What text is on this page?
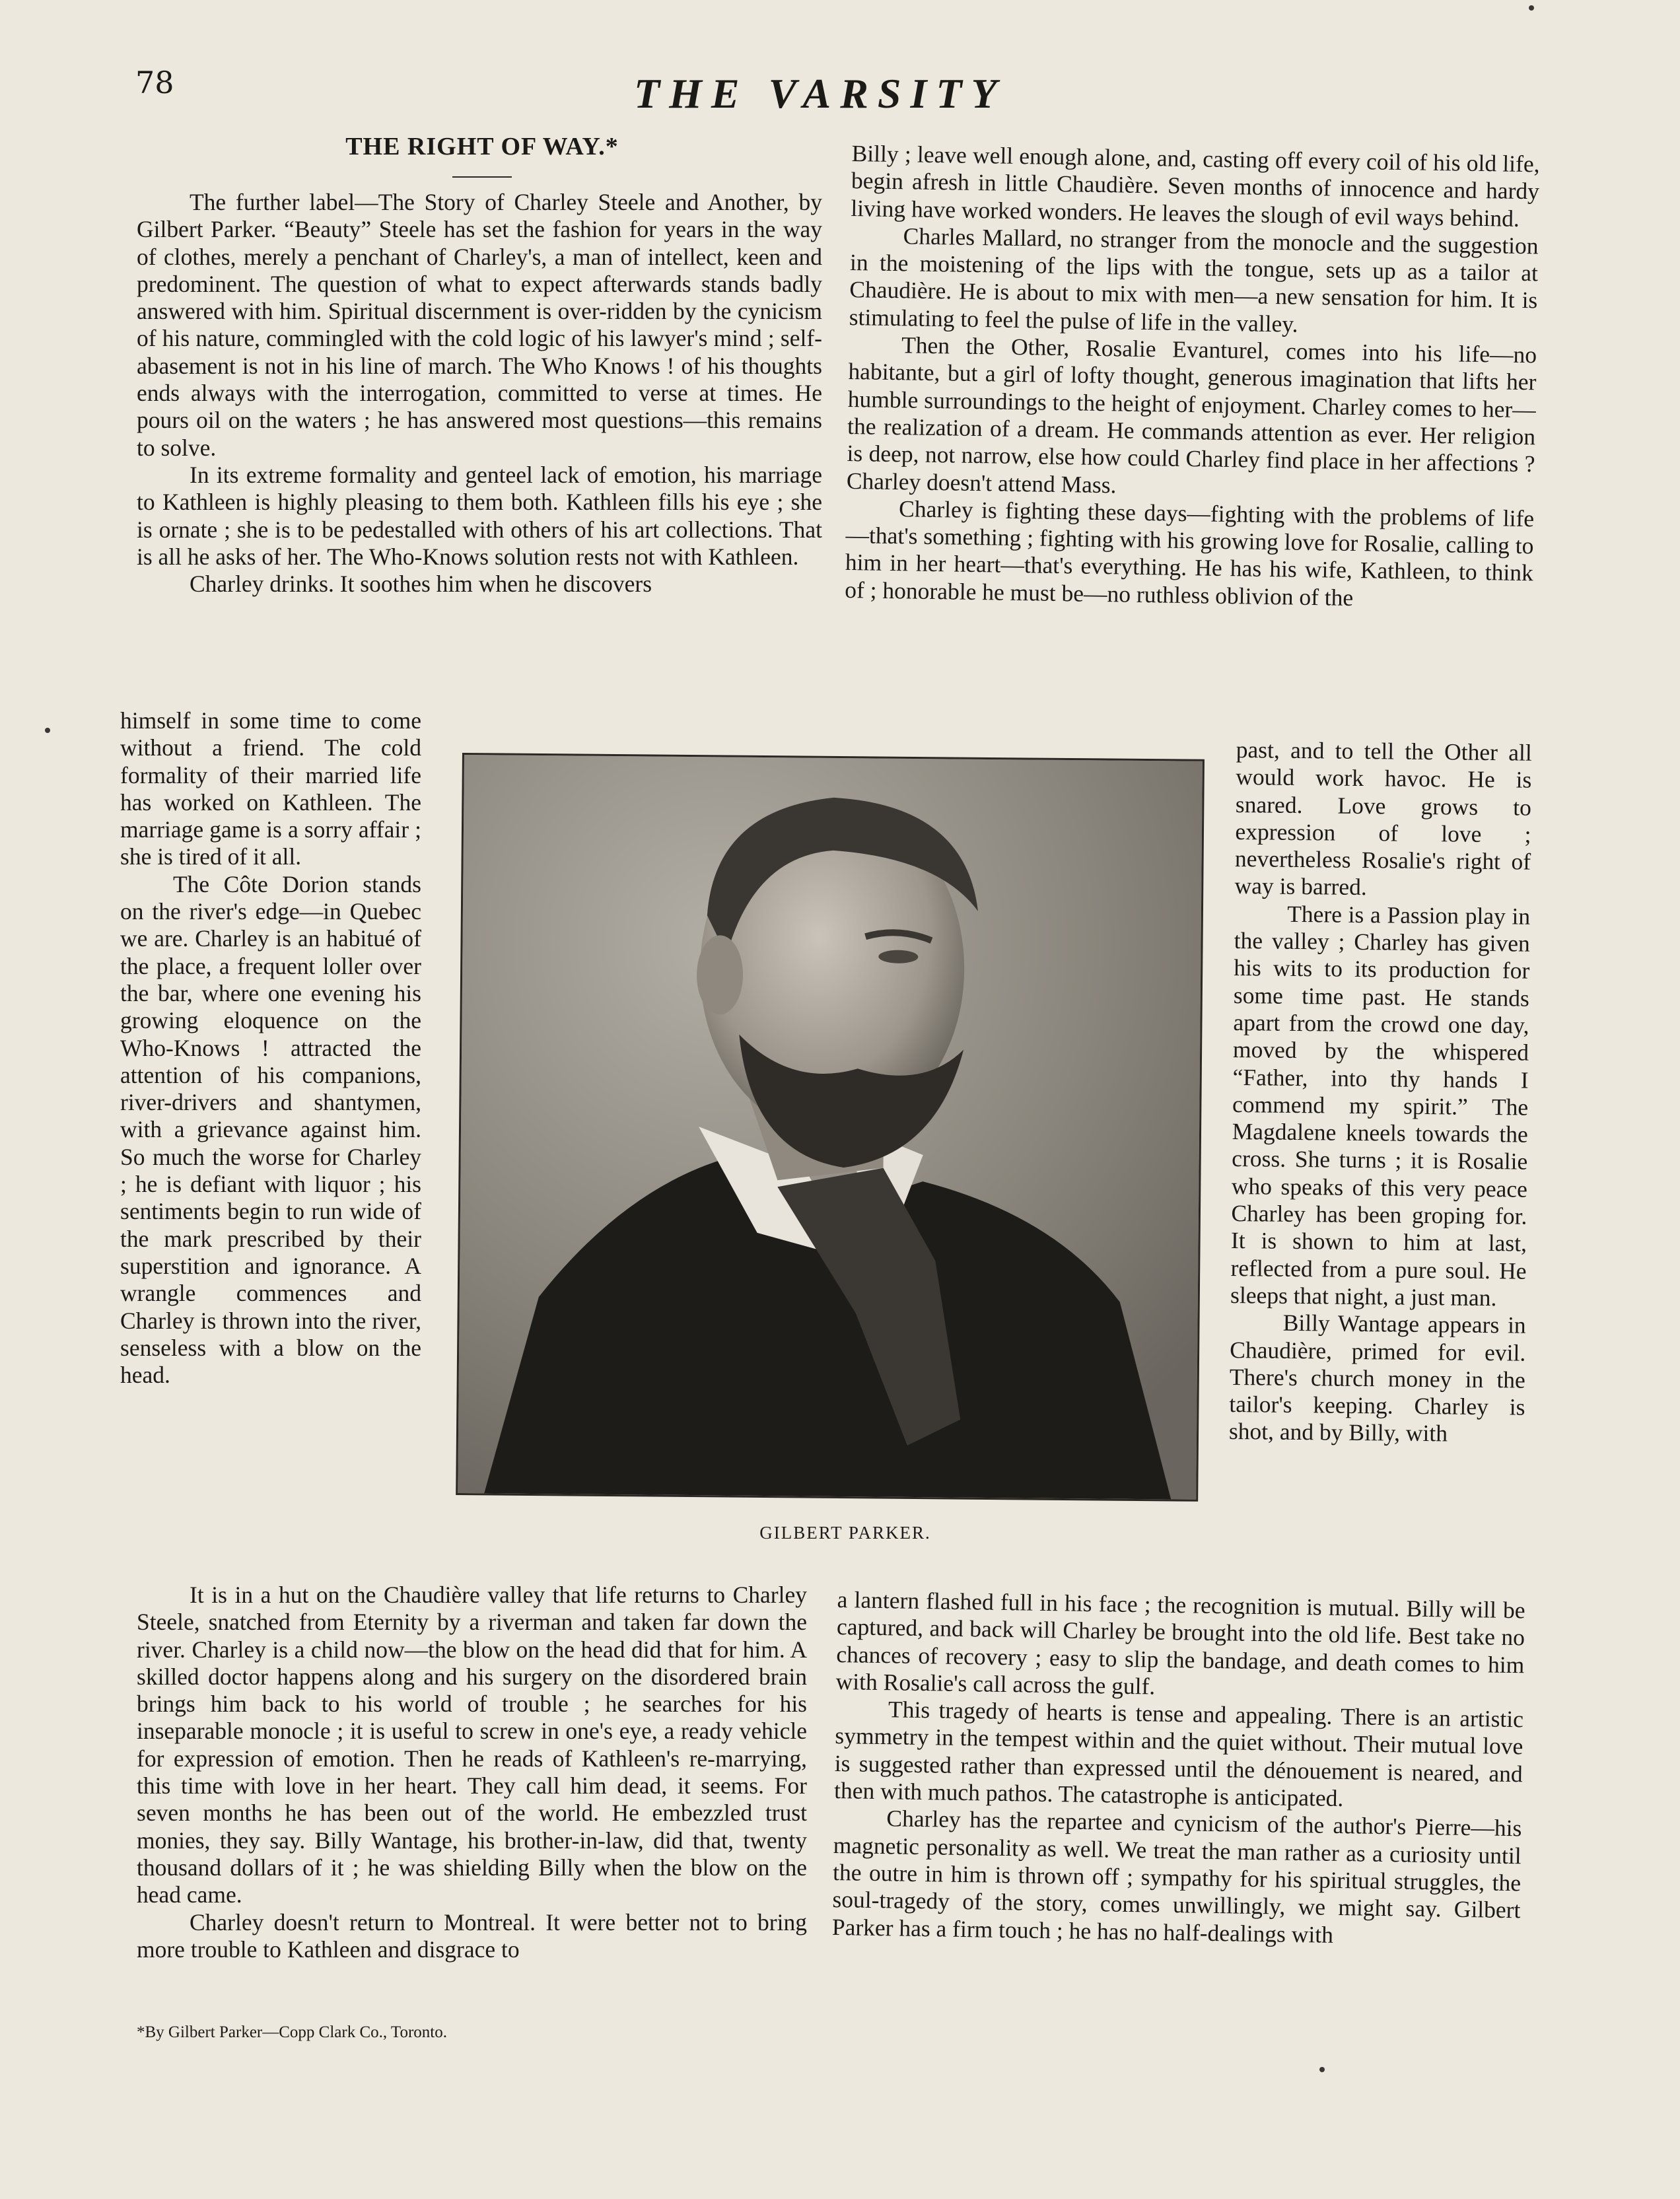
78	THE VARSITY
THE RIGHT OF WAY.*

The further label—The Story of Charley Steele and Another, by Gilbert Parker. “Beauty” Steele has set the fashion for years in the way of clothes, merely a penchant of Charley's, a man of intellect, keen and predominent. The question of what to expect afterwards stands badly answered with him. Spiritual discernment is over-ridden by the cynicism of his nature, commingled with the cold logic of his lawyer's mind ; self-abasement is not in his line of march. The Who Knows ! of his thoughts ends always with the interrogation, committed to verse at times. He pours oil on the waters ; he has answered most questions—this remains to solve.

In its extreme formality and genteel lack of emotion, his marriage to Kathleen is highly pleasing to them both. Kathleen fills his eye ; she is ornate ; she is to be pedestalled with others of his art collections. That is all he asks of her. The Who-Knows solution rests not with Kathleen.

Charley drinks. It soothes him when he discovers

himself in some time to come without a friend. The cold formality of their married life has worked on Kathleen. The marriage game is a sorry affair ; she is tired of it all.

The Côte Dorion stands on the river's edge—in Quebec we are. Charley is an habitué of the place, a frequent loller over the bar, where one evening his growing eloquence on the Who-Knows ! attracted the attention of his companions, river-drivers and shantymen, with a grievance against him. So much the worse for Charley ; he is defiant with liquor ; his sentiments begin to run wide of the mark prescribed by their superstition and ignorance. A wrangle commences and Charley is thrown into the river, senseless with a blow on the head.

It is in a hut on the Chaudière valley that life returns to Charley Steele, snatched from Eternity by a riverman and taken far down the river. Charley is a child now—the blow on the head did that for him. A skilled doctor happens along and his surgery on the disordered brain brings him back to his world of trouble ; he searches for his inseparable monocle ; it is useful to screw in one's eye, a ready vehicle for expression of emotion. Then he reads of Kathleen's re-marrying, this time with love in her heart. They call him dead, it seems. For seven months he has been out of the world. He embezzled trust monies, they say. Billy Wantage, his brother-in-law, did that, twenty thousand dollars of it ; he was shielding Billy when the blow on the head came.

Charley doesn't return to Montreal. It were better not to bring more trouble to Kathleen and disgrace to

Billy ; leave well enough alone, and, casting off every coil of his old life, begin afresh in little Chaudière. Seven months of innocence and hardy living have worked wonders. He leaves the slough of evil ways behind.

Charles Mallard, no stranger from the monocle and the suggestion in the moistening of the lips with the tongue, sets up as a tailor at Chaudière. He is about to mix with men—a new sensation for him. It is stimulating to feel the pulse of life in the valley.

Then the Other, Rosalie Evanturel, comes into his life—no habitante, but a girl of lofty thought, generous imagination that lifts her humble surroundings to the height of enjoyment. Charley comes to her—the realization of a dream. He commands attention as ever. Her religion is deep, not narrow, else how could Charley find place in her affections ? Charley doesn't attend Mass.

Charley is fighting these days—fighting with the problems of life—that's something ; fighting with his growing love for Rosalie, calling to him in her heart—that's everything. He has his wife, Kathleen, to think of ; honorable he must be—no ruthless oblivion of the

past, and to tell the Other all would work havoc. He is snared. Love grows to expression of love ; nevertheless Rosalie's right of way is barred.

There is a Passion play in the valley ; Charley has given his wits to its production for some time past. He stands apart from the crowd one day, moved by the whispered “Father, into thy hands I commend my spirit.” The Magdalene kneels towards the cross. She turns ; it is Rosalie who speaks of this very peace Charley has been groping for. It is shown to him at last, reflected from a pure soul. He sleeps that night, a just man.

Billy Wantage appears in Chaudière, primed for evil. There's church money in the tailor's keeping. Charley is shot, and by Billy, with

a lantern flashed full in his face ; the recognition is mutual. Billy will be captured, and back will Charley be brought into the old life. Best take no chances of recovery ; easy to slip the bandage, and death comes to him with Rosalie's call across the gulf.

This tragedy of hearts is tense and appealing. There is an artistic symmetry in the tempest within and the quiet without. Their mutual love is suggested rather than expressed until the dénouement is neared, and then with much pathos. The catastrophe is anticipated.

Charley has the repartee and cynicism of the author's Pierre—his magnetic personality as well. We treat the man rather as a curiosity until the outre in him is thrown off ; sympathy for his spiritual struggles, the soul-tragedy of the story, comes unwillingly, we might say. Gilbert Parker has a firm touch ; he has no half-dealings with

GILBERT PARKER.
*By Gilbert Parker—Copp Clark Co., Toronto.
